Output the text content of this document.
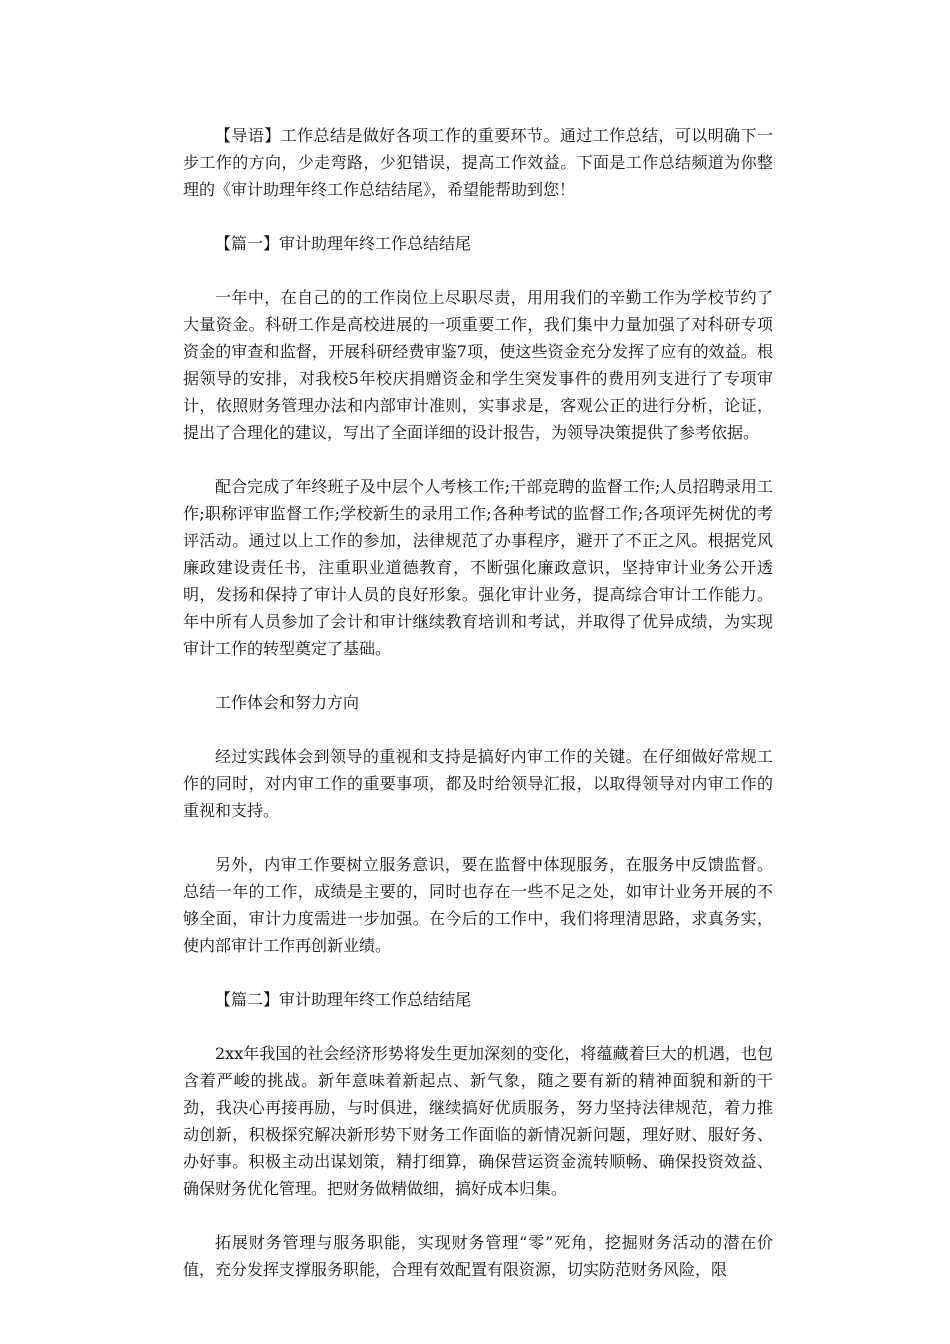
【导语】工作总结是做好各项工作的重要环节。通过工作总结，可以明确下一步工作的方向，少走弯路，少犯错误，提高工作效益。下面是工作总结频道为你整理的《审计助理年终工作总结结尾》，希望能帮助到您！

【篇一】审计助理年终工作总结结尾

一年中，在自己的的工作岗位上尽职尽责，用用我们的辛勤工作为学校节约了大量资金。科研工作是高校进展的一项重要工作，我们集中力量加强了对科研专项资金的审查和监督，开展科研经费审鉴7项，使这些资金充分发挥了应有的效益。根据领导的安排，对我校5年校庆捐赠资金和学生突发事件的费用列支进行了专项审计，依照财务管理办法和内部审计准则，实事求是，客观公正的进行分析，论证，提出了合理化的建议，写出了全面详细的设计报告，为领导决策提供了参考依据。

配合完成了年终班子及中层个人考核工作;干部竞聘的监督工作;人员招聘录用工作;职称评审监督工作;学校新生的录用工作;各种考试的监督工作;各项评先树优的考评活动。通过以上工作的参加，法律规范了办事程序，避开了不正之风。根据党风廉政建设责任书，注重职业道德教育，不断强化廉政意识，坚持审计业务公开透明，发扬和保持了审计人员的良好形象。强化审计业务，提高综合审计工作能力。年中所有人员参加了会计和审计继续教育培训和考试，并取得了优异成绩，为实现审计工作的转型奠定了基础。

工作体会和努力方向

经过实践体会到领导的重视和支持是搞好内审工作的关键。在仔细做好常规工作的同时，对内审工作的重要事项，都及时给领导汇报，以取得领导对内审工作的重视和支持。

另外，内审工作要树立服务意识，要在监督中体现服务，在服务中反馈监督。总结一年的工作，成绩是主要的，同时也存在一些不足之处，如审计业务开展的不够全面，审计力度需进一步加强。在今后的工作中，我们将理清思路，求真务实，使内部审计工作再创新业绩。

【篇二】审计助理年终工作总结结尾

2xx年我国的社会经济形势将发生更加深刻的变化，将蕴藏着巨大的机遇，也包含着严峻的挑战。新年意味着新起点、新气象，随之要有新的精神面貌和新的干劲，我决心再接再励，与时俱进，继续搞好优质服务，努力坚持法律规范，着力推动创新，积极探究解决新形势下财务工作面临的新情况新问题，理好财、服好务、办好事。积极主动出谋划策，精打细算，确保营运资金流转顺畅、确保投资效益、确保财务优化管理。把财务做精做细，搞好成本归集。

拓展财务管理与服务职能，实现财务管理“零”死角，挖掘财务活动的潜在价值，充分发挥支撑服务职能，合理有效配置有限资源，切实防范财务风险，限
